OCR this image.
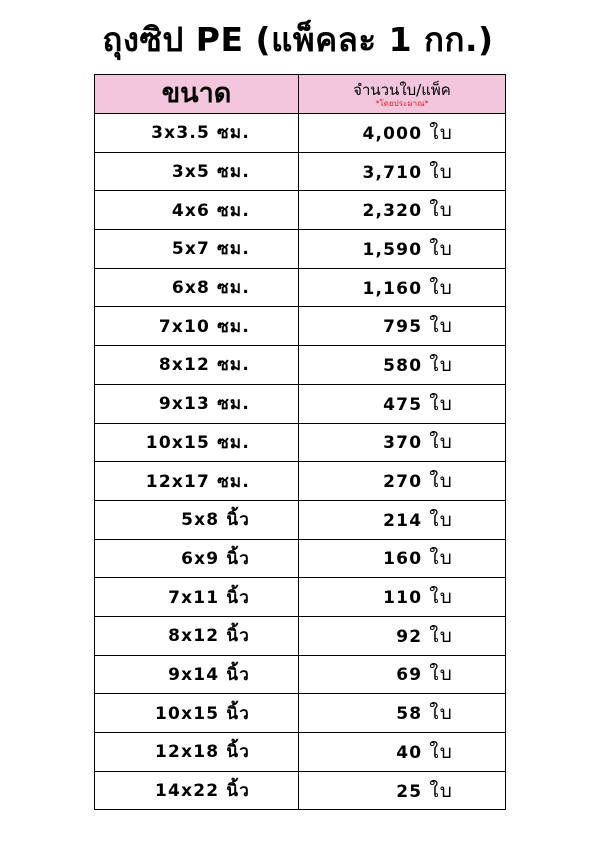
ถุงซิป PE (แพ็คละ 1 กก.)
ขนาด	จำนวนใบ/แพ็ค
*โดยประมาณ*

3x3.5 ซม.	4,000 ใบ
3x5 ซม.	3,710 ใบ
4x6 ซม.	2,320 ใบ
5x7 ซม.	1,590 ใบ
6x8 ซม.	1,160 ใบ
7x10 ซม.	795 ใบ
8x12 ซม.	580 ใบ
9x13 ซม.	475 ใบ
10x15 ซม.	370 ใบ
12x17 ซม.	270 ใบ
5x8 นิ้ว	214 ใบ
6x9 นิ้ว	160 ใบ
7x11 นิ้ว	110 ใบ
8x12 นิ้ว	92 ใบ
9x14 นิ้ว	69 ใบ
10x15 นิ้ว	58 ใบ
12x18 นิ้ว	40 ใบ
14x22 นิ้ว	25 ใบ
